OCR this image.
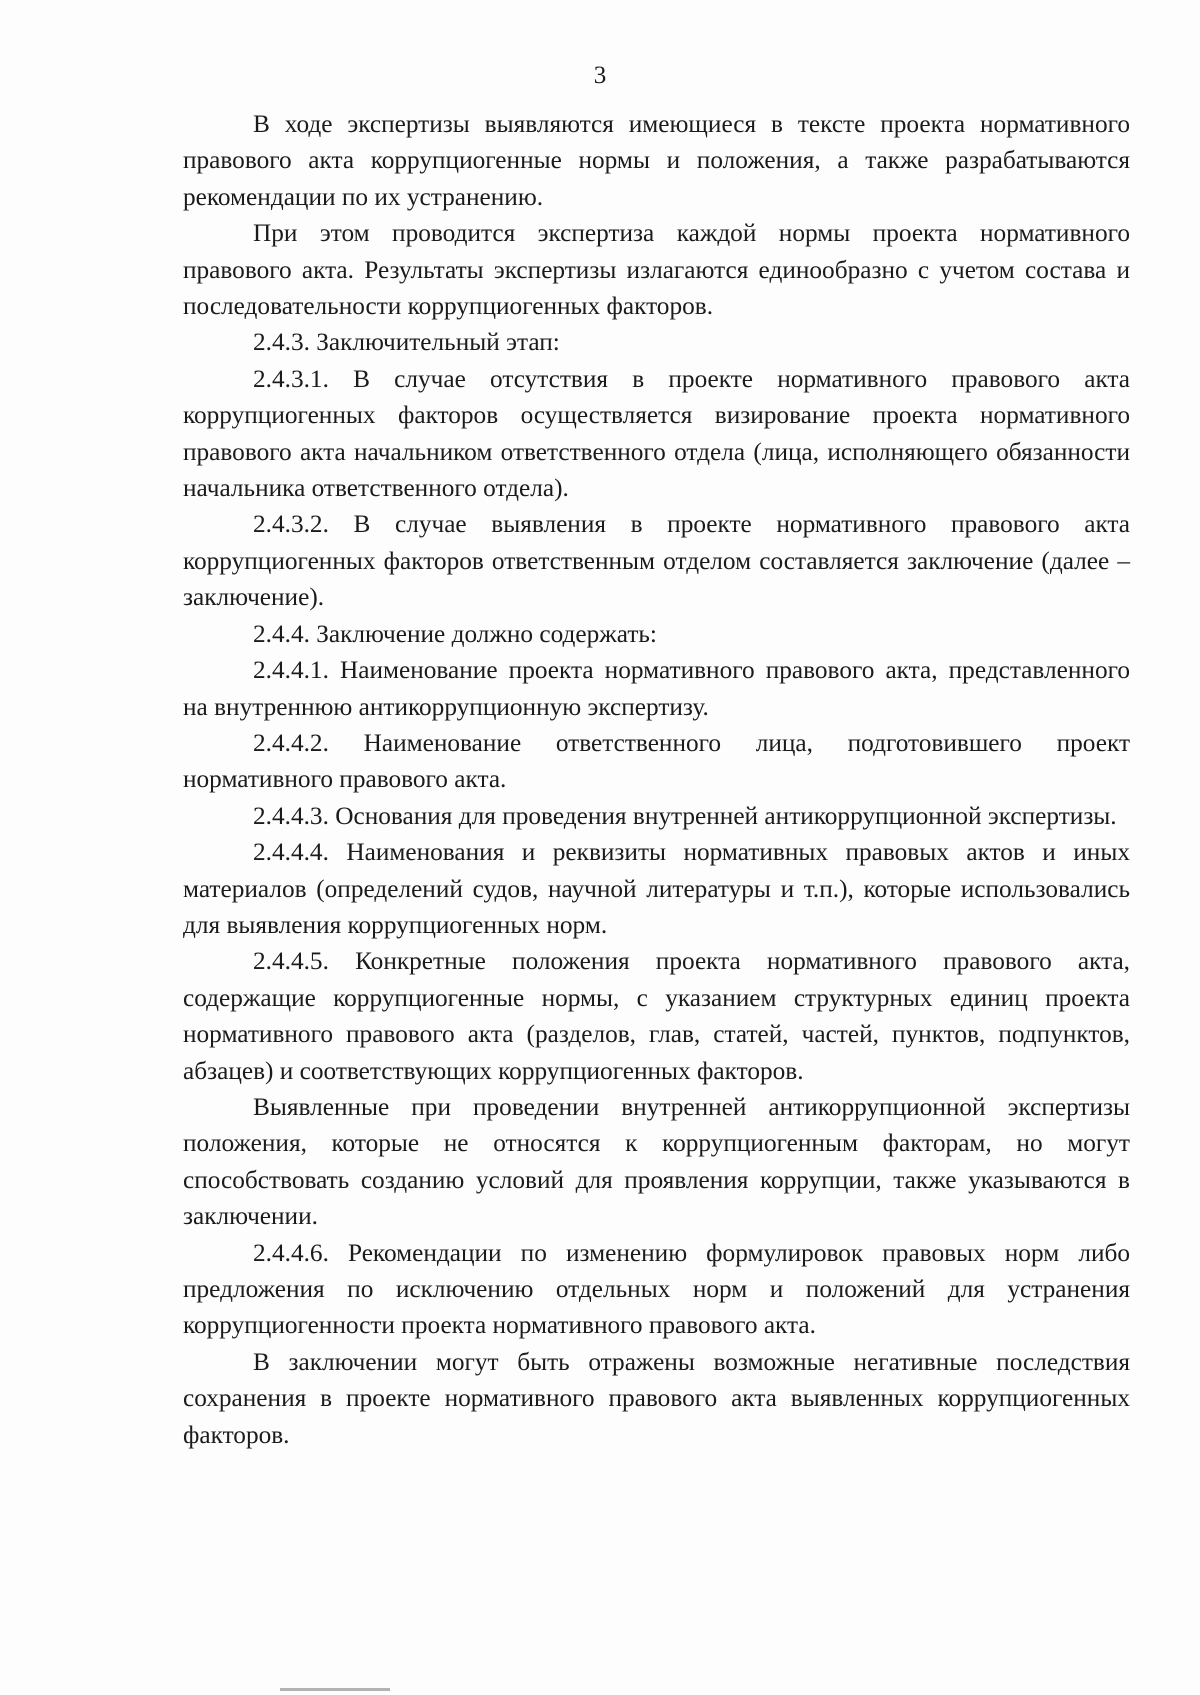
3

В ходе экспертизы выявляются имеющиеся в тексте проекта нормативного правового акта коррупциогенные нормы и положения, а также разрабатываются рекомендации по их устранению.

При этом проводится экспертиза каждой нормы проекта нормативного правового акта. Результаты экспертизы излагаются единообразно с учетом состава и последовательности коррупциогенных факторов.

2.4.3. Заключительный этап:

2.4.3.1. В случае отсутствия в проекте нормативного правового акта коррупциогенных факторов осуществляется визирование проекта нормативного правового акта начальником ответственного отдела (лица, исполняющего обязанности начальника ответственного отдела).

2.4.3.2. В случае выявления в проекте нормативного правового акта коррупциогенных факторов ответственным отделом составляется заключение (далее – заключение).

2.4.4. Заключение должно содержать:

2.4.4.1. Наименование проекта нормативного правового акта, представленного на внутреннюю антикоррупционную экспертизу.

2.4.4.2. Наименование ответственного лица, подготовившего проект нормативного правового акта.

2.4.4.3. Основания для проведения внутренней антикоррупционной экспертизы.

2.4.4.4. Наименования и реквизиты нормативных правовых актов и иных материалов (определений судов, научной литературы и т.п.), которые использовались для выявления коррупциогенных норм.

2.4.4.5. Конкретные положения проекта нормативного правового акта, содержащие коррупциогенные нормы, с указанием структурных единиц проекта нормативного правового акта (разделов, глав, статей, частей, пунктов, подпунктов, абзацев) и соответствующих коррупциогенных факторов.

Выявленные при проведении внутренней антикоррупционной экспертизы положения, которые не относятся к коррупциогенным факторам, но могут способствовать созданию условий для проявления коррупции, также указываются в заключении.

2.4.4.6. Рекомендации по изменению формулировок правовых норм либо предложения по исключению отдельных норм и положений для устранения коррупциогенности проекта нормативного правового акта.

В заключении могут быть отражены возможные негативные последствия сохранения в проекте нормативного правового акта выявленных коррупциогенных факторов.
